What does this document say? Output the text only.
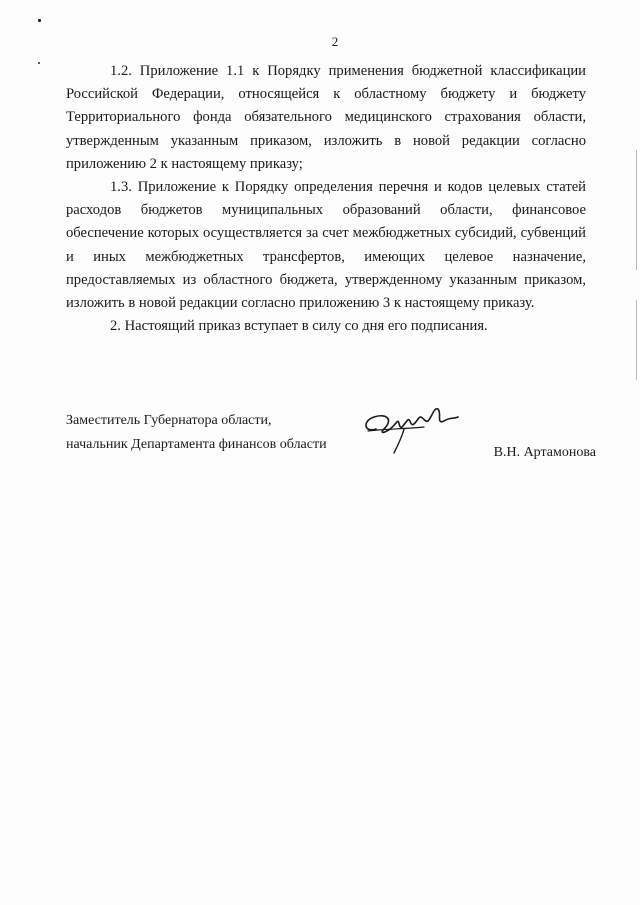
2

1.2. Приложение 1.1 к Порядку применения бюджетной классификации Российской Федерации, относящейся к областному бюджету и бюджету Территориального фонда обязательного медицинского страхования области, утвержденным указанным приказом, изложить в новой редакции согласно приложению 2 к настоящему приказу;

1.3. Приложение к Порядку определения перечня и кодов целевых статей расходов бюджетов муниципальных образований области, финансовое обеспечение которых осуществляется за счет межбюджетных субсидий, субвенций и иных межбюджетных трансфертов, имеющих целевое назначение, предоставляемых из областного бюджета, утвержденному указанным приказом, изложить в новой редакции согласно приложению 3 к настоящему приказу.

2. Настоящий приказ вступает в силу со дня его подписания.

Заместитель Губернатора области,
начальник Департамента финансов области
В.Н. Артамонова
